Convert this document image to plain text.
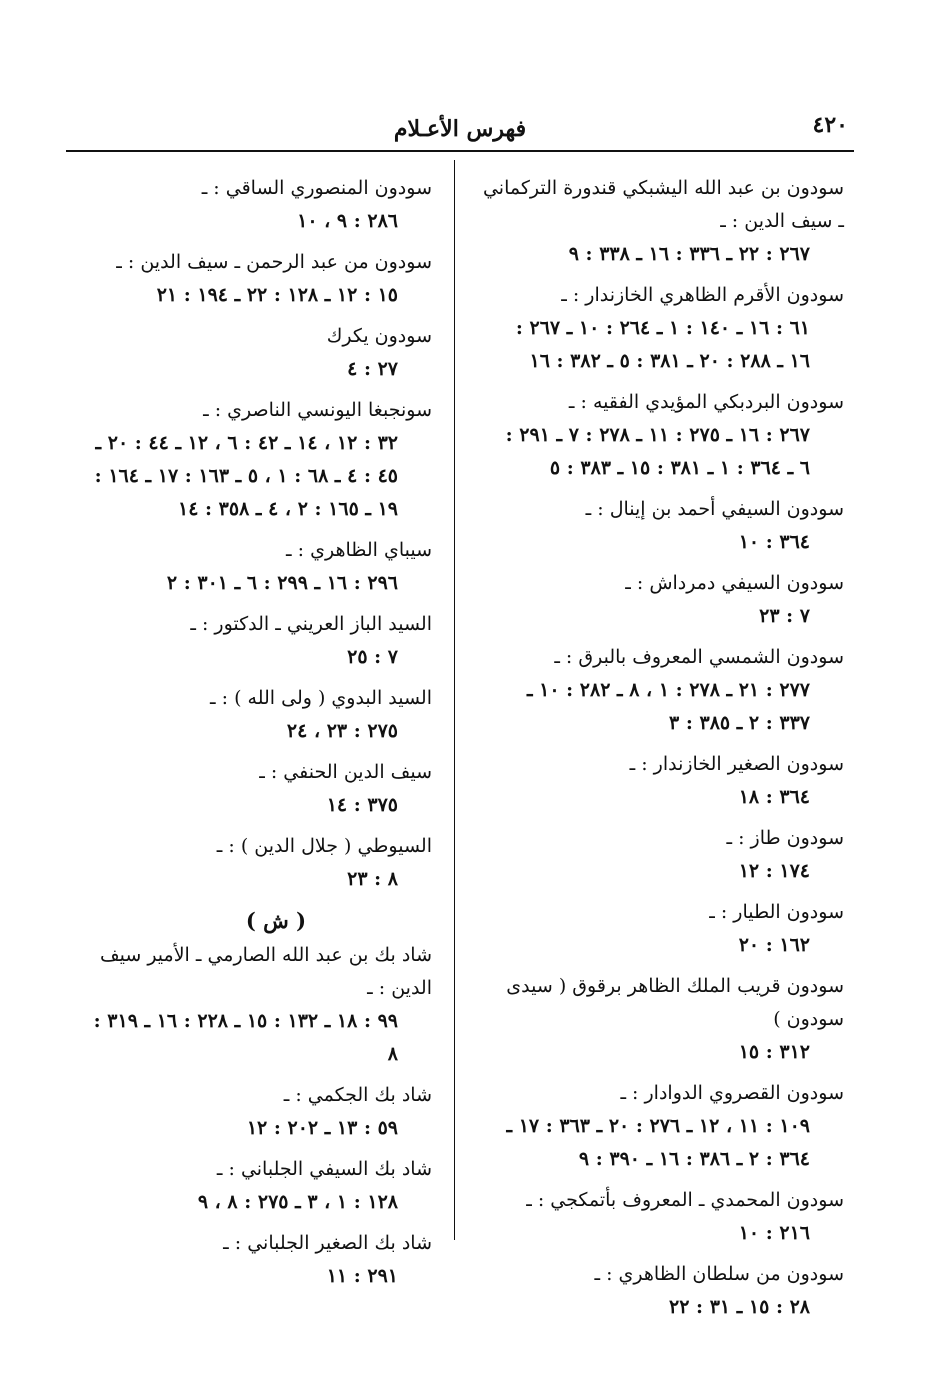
٤٢٠
فهرس الأعـلام
سودون بن عبد الله اليشبكي قندورة التركماني ـ سيف الدين : ـ
٢٦٧ : ٢٢ ـ ٣٣٦ : ١٦ ـ ٣٣٨ : ٩
سودون الأقرم الظاهري الخازندار : ـ
٦١ : ١٦ ـ ١٤٠ : ١ ـ ٢٦٤ : ١٠ ـ ٢٦٧ :
١٦ ـ ٢٨٨ : ٢٠ ـ ٣٨١ : ٥ ـ ٣٨٢ : ١٦
سودون البردبكي المؤيدي الفقيه : ـ
٢٦٧ : ١٦ ـ ٢٧٥ : ١١ ـ ٢٧٨ : ٧ ـ ٢٩١ :
٦ ـ ٣٦٤ : ١ ـ ٣٨١ : ١٥ ـ ٣٨٣ : ٥
سودون السيفي أحمد بن إينال : ـ
٣٦٤ : ١٠
سودون السيفي دمرداش : ـ
٧ : ٢٣
سودون الشمسي المعروف بالبرق : ـ
٢٧٧ : ٢١ ـ ٢٧٨ : ١ ، ٨ ـ ٢٨٢ : ١٠ ـ
٣٣٧ : ٢ ـ ٣٨٥ : ٣
سودون الصغير الخازندار : ـ
٣٦٤ : ١٨
سودون طاز : ـ
١٧٤ : ١٢
سودون الطيار : ـ
١٦٢ : ٢٠
سودون قريب الملك الظاهر برقوق ( سيدى سودون )
٣١٢ : ١٥
سودون القصروي الدوادار : ـ
١٠٩ : ١١ ، ١٢ ـ ٢٧٦ : ٢٠ ـ ٣٦٣ : ١٧ ـ
٣٦٤ : ٢ ـ ٣٨٦ : ١٦ ـ ٣٩٠ : ٩
سودون المحمدي ـ المعروف بأتمكجي : ـ
٢١٦ : ١٠
سودون من سلطان الظاهري : ـ
٢٨ : ١٥ ـ ٣١ : ٢٢
سودون المنصوري الساقي : ـ
٢٨٦ : ٩ ، ١٠
سودون من عبد الرحمن ـ سيف الدين : ـ
١٥ : ١٢ ـ ١٢٨ : ٢٢ ـ ١٩٤ : ٢١
سودون يكرك
٢٧ : ٤
سونجبغا اليونسي الناصري : ـ
٣٢ : ١٢ ، ١٤ ـ ٤٢ : ٦ ، ١٢ ـ ٤٤ : ٢٠ ـ
٤٥ : ٤ ـ ٦٨ : ١ ، ٥ ـ ١٦٣ : ١٧ ـ ١٦٤ :
١٩ ـ ١٦٥ : ٢ ، ٤ ـ ٣٥٨ : ١٤
سيباي الظاهري : ـ
٢٩٦ : ١٦ ـ ٢٩٩ : ٦ ـ ٣٠١ : ٢
السيد الباز العريني ـ الدكتور : ـ
٧ : ٢٥
السيد البدوي ( ولى الله ) : ـ
٢٧٥ : ٢٣ ، ٢٤
سيف الدين الحنفي : ـ
٣٧٥ : ١٤
السيوطي ( جلال الدين ) : ـ
٨ : ٢٣
( ش )
شاد بك بن عبد الله الصارمي ـ الأمير سيف الدين : ـ
٩٩ : ١٨ ـ ١٣٢ : ١٥ ـ ٢٢٨ : ١٦ ـ ٣١٩ :
٨
شاد بك الجكمي : ـ
٥٩ : ١٣ ـ ٢٠٢ : ١٢
شاد بك السيفي الجلباني : ـ
١٢٨ : ١ ، ٣ ـ ٢٧٥ : ٨ ، ٩
شاد بك الصغير الجلباني : ـ
٢٩١ : ١١
